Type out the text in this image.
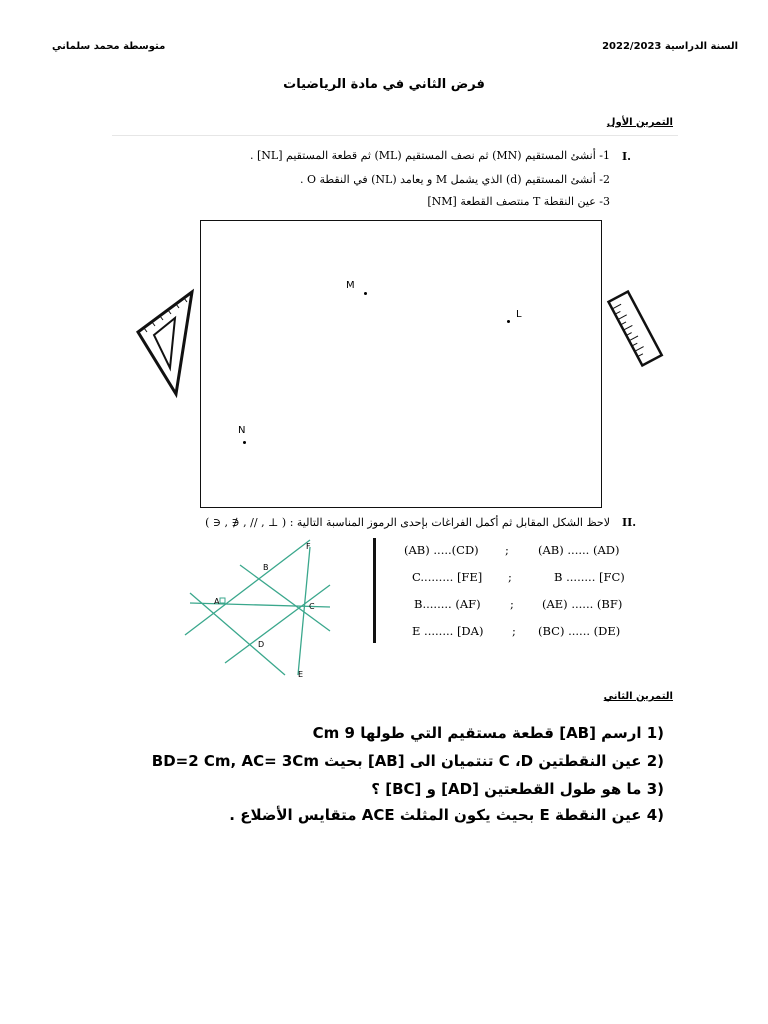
السنة الدراسية 2022/2023
متوسطة محمد سلماني
فرض الثاني في مادة الرياضيات
التمرين الأول
I.
1- أنشئ المستقيم (MN) ثم نصف المستقيم (ML) ثم قطعة المستقيم [NL] .
2- أنشئ المستقيم (d) الذي يشمل M و يعامد (NL) في النقطة O .
3- عين النقطة T منتصف القطعة [NM]
M
L
N
II.
لاحظ الشكل المقابل ثم أكمل الفراغات بإحدى الرموز المناسبة التالية : ( ⊥ , // , ∉ , ∈ )
A
B
C
D
E
F	(AB) .....(CD) ;	(AB) ...... (AD)
C......... [FE] ;	B ........ [FC)
B........ (AF)	; (AE) ...... (BF)
E ........ [DA) ; (BC) ...... (DE)
التمرين الثاني
(1 ارسم [AB] قطعة مستقيم التي طولها 9 Cm
(2 عين النقطتين C ،D تنتميان الى [AB] بحيث BD=2 Cm, AC= 3Cm
(3 ما هو طول القطعتين [AD] و [BC] ؟
(4 عين النقطة E بحيث يكون المثلث ACE متقايس الأضلاع .
